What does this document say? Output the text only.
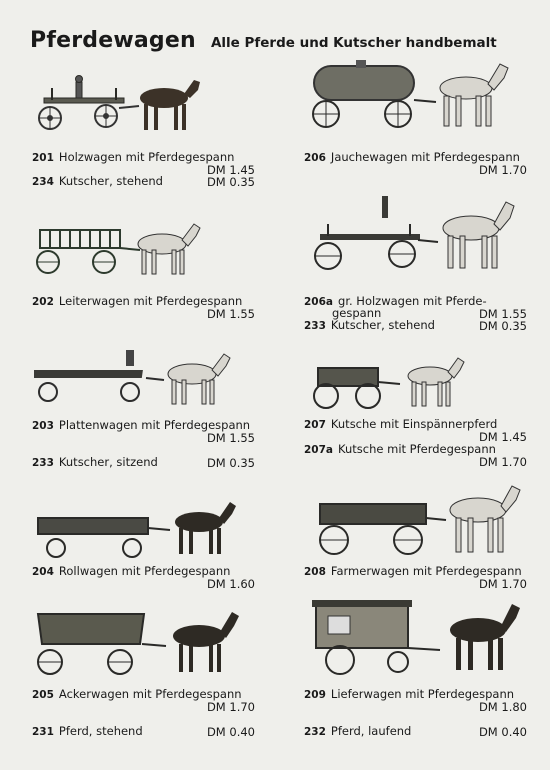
Pferdewagen Alle Pferde und Kutscher handbemalt
201 Holzwagen mit Pferdegespann
DM 1.45
234 Kutscher, stehend	DM 0.35
202 Leiterwagen mit Pferdegespann
DM 1.55
203 Plattenwagen mit Pferdegespann
DM 1.55
233 Kutscher, sitzend	DM 0.35
204 Rollwagen mit Pferdegespann
DM 1.60
205 Ackerwagen mit Pferdegespann
DM 1.70
231 Pferd, stehend	DM 0.40
206 Jauchewagen mit Pferdegespann
DM 1.70
206a gr. Holzwagen mit Pferde-
gespann	DM 1.55
233 Kutscher, stehend	DM 0.35
207 Kutsche mit Einspännerpferd
DM 1.45
207a Kutsche mit Pferdegespann
DM 1.70
208 Farmerwagen mit Pferdegespann
DM 1.70
209 Lieferwagen mit Pferdegespann
DM 1.80
232 Pferd, laufend	DM 0.40
